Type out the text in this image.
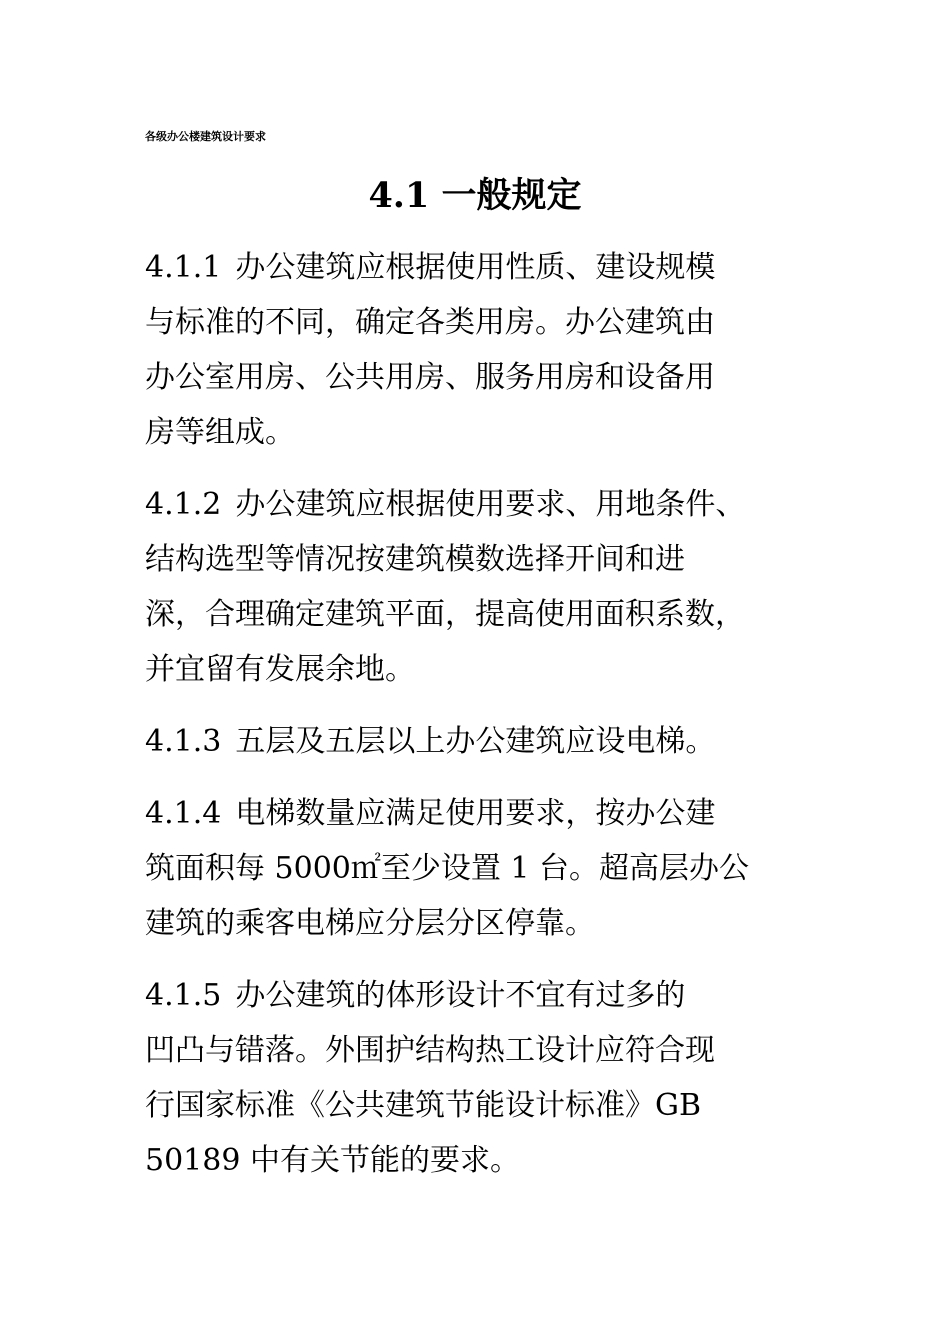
各级办公楼建筑设计要求
4.1 一般规定
4.1.1 办公建筑应根据使用性质、建设规模
与标准的不同，确定各类用房。办公建筑由
办公室用房、公共用房、服务用房和设备用
房等组成。
4.1.2 办公建筑应根据使用要求、用地条件、
结构选型等情况按建筑模数选择开间和进
深，合理确定建筑平面，提高使用面积系数，
并宜留有发展余地。
4.1.3 五层及五层以上办公建筑应设电梯。
4.1.4 电梯数量应满足使用要求，按办公建
筑面积每 5000㎡至少设置 1 台。超高层办公
建筑的乘客电梯应分层分区停靠。
4.1.5 办公建筑的体形设计不宜有过多的
凹凸与错落。外围护结构热工设计应符合现
行国家标准《公共建筑节能设计标准》GB
50189 中有关节能的要求。
